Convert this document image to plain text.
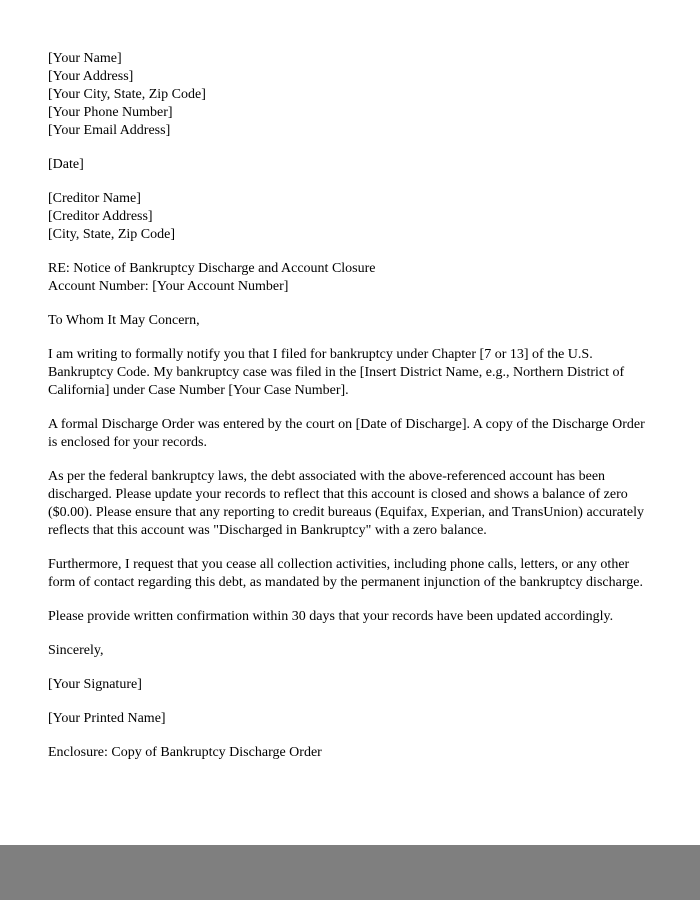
[Your Name]
[Your Address]
[Your City, State, Zip Code]
[Your Phone Number]
[Your Email Address]
[Date]
[Creditor Name]
[Creditor Address]
[City, State, Zip Code]
RE: Notice of Bankruptcy Discharge and Account Closure
Account Number: [Your Account Number]
To Whom It May Concern,

I am writing to formally notify you that I filed for bankruptcy under Chapter [7 or 13] of the U.S. Bankruptcy Code. My bankruptcy case was filed in the [Insert District Name, e.g., Northern District of California] under Case Number [Your Case Number].

A formal Discharge Order was entered by the court on [Date of Discharge]. A copy of the Discharge Order is enclosed for your records.

As per the federal bankruptcy laws, the debt associated with the above-referenced account has been discharged. Please update your records to reflect that this account is closed and shows a balance of zero ($0.00). Please ensure that any reporting to credit bureaus (Equifax, Experian, and TransUnion) accurately reflects that this account was "Discharged in Bankruptcy" with a zero balance.

Furthermore, I request that you cease all collection activities, including phone calls, letters, or any other form of contact regarding this debt, as mandated by the permanent injunction of the bankruptcy discharge.

Please provide written confirmation within 30 days that your records have been updated accordingly.

Sincerely,
[Your Signature]
[Your Printed Name]
Enclosure: Copy of Bankruptcy Discharge Order
